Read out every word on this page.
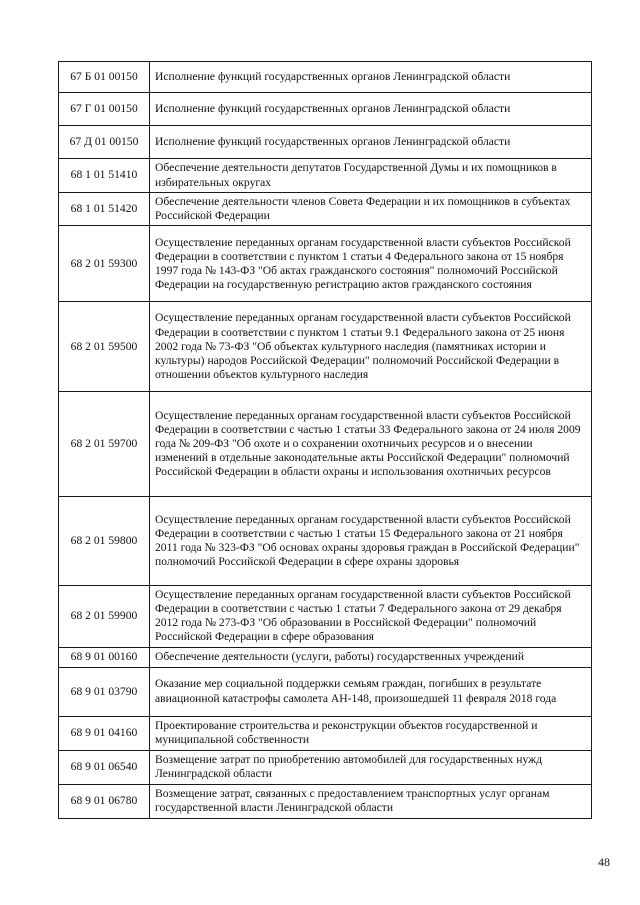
67 Б 01 00150	Исполнение функций государственных органов Ленинградской области
67 Г 01 00150	Исполнение функций государственных органов Ленинградской области
67 Д 01 00150	Исполнение функций государственных органов Ленинградской области
68 1 01 51410	Обеспечение деятельности депутатов Государственной Думы и их помощников в избирательных округах
68 1 01 51420	Обеспечение деятельности членов Совета Федерации и их помощников в субъектах Российской Федерации
68 2 01 59300	Осуществление переданных органам государственной власти субъектов Российской Федерации в соответствии с пунктом 1 статьи 4 Федерального закона от 15 ноября 1997 года № 143-ФЗ "Об актах гражданского состояния" полномочий Российской Федерации на государственную регистрацию актов гражданского состояния
68 2 01 59500	Осуществление переданных органам государственной власти субъектов Российской Федерации в соответствии с пунктом 1 статьи 9.1 Федерального закона от 25 июня 2002 года № 73-ФЗ "Об объектах культурного наследия (памятниках истории и культуры) народов Российской Федерации" полномочий Российской Федерации в отношении объектов культурного наследия
68 2 01 59700	Осуществление переданных органам государственной власти субъектов Российской Федерации в соответствии с частью 1 статьи 33 Федерального закона от 24 июля 2009 года № 209-ФЗ "Об охоте и о сохранении охотничьих ресурсов и о внесении изменений в отдельные законодательные акты Российской Федерации" полномочий Российской Федерации в области охраны и использования охотничьих ресурсов
68 2 01 59800	Осуществление переданных органам государственной власти субъектов Российской Федерации в соответствии с частью 1 статьи 15 Федерального закона от 21 ноября 2011 года № 323-ФЗ "Об основах охраны здоровья граждан в Российской Федерации" полномочий Российской Федерации в сфере охраны здоровья
68 2 01 59900	Осуществление переданных органам государственной власти субъектов Российской Федерации в соответствии с частью 1 статьи 7 Федерального закона от 29 декабря 2012 года № 273-ФЗ "Об образовании в Российской Федерации" полномочий Российской Федерации в сфере образования
68 9 01 00160	Обеспечение деятельности (услуги, работы) государственных учреждений
68 9 01 03790	Оказание мер социальной поддержки семьям граждан, погибших в результате авиационной катастрофы самолета АН-148, произошедшей 11 февраля 2018 года
68 9 01 04160	Проектирование строительства и реконструкции объектов государственной и муниципальной собственности
68 9 01 06540	Возмещение затрат по приобретению автомобилей для государственных нужд Ленинградской области
68 9 01 06780	Возмещение затрат, связанных с предоставлением транспортных услуг органам государственной власти Ленинградской области
48
